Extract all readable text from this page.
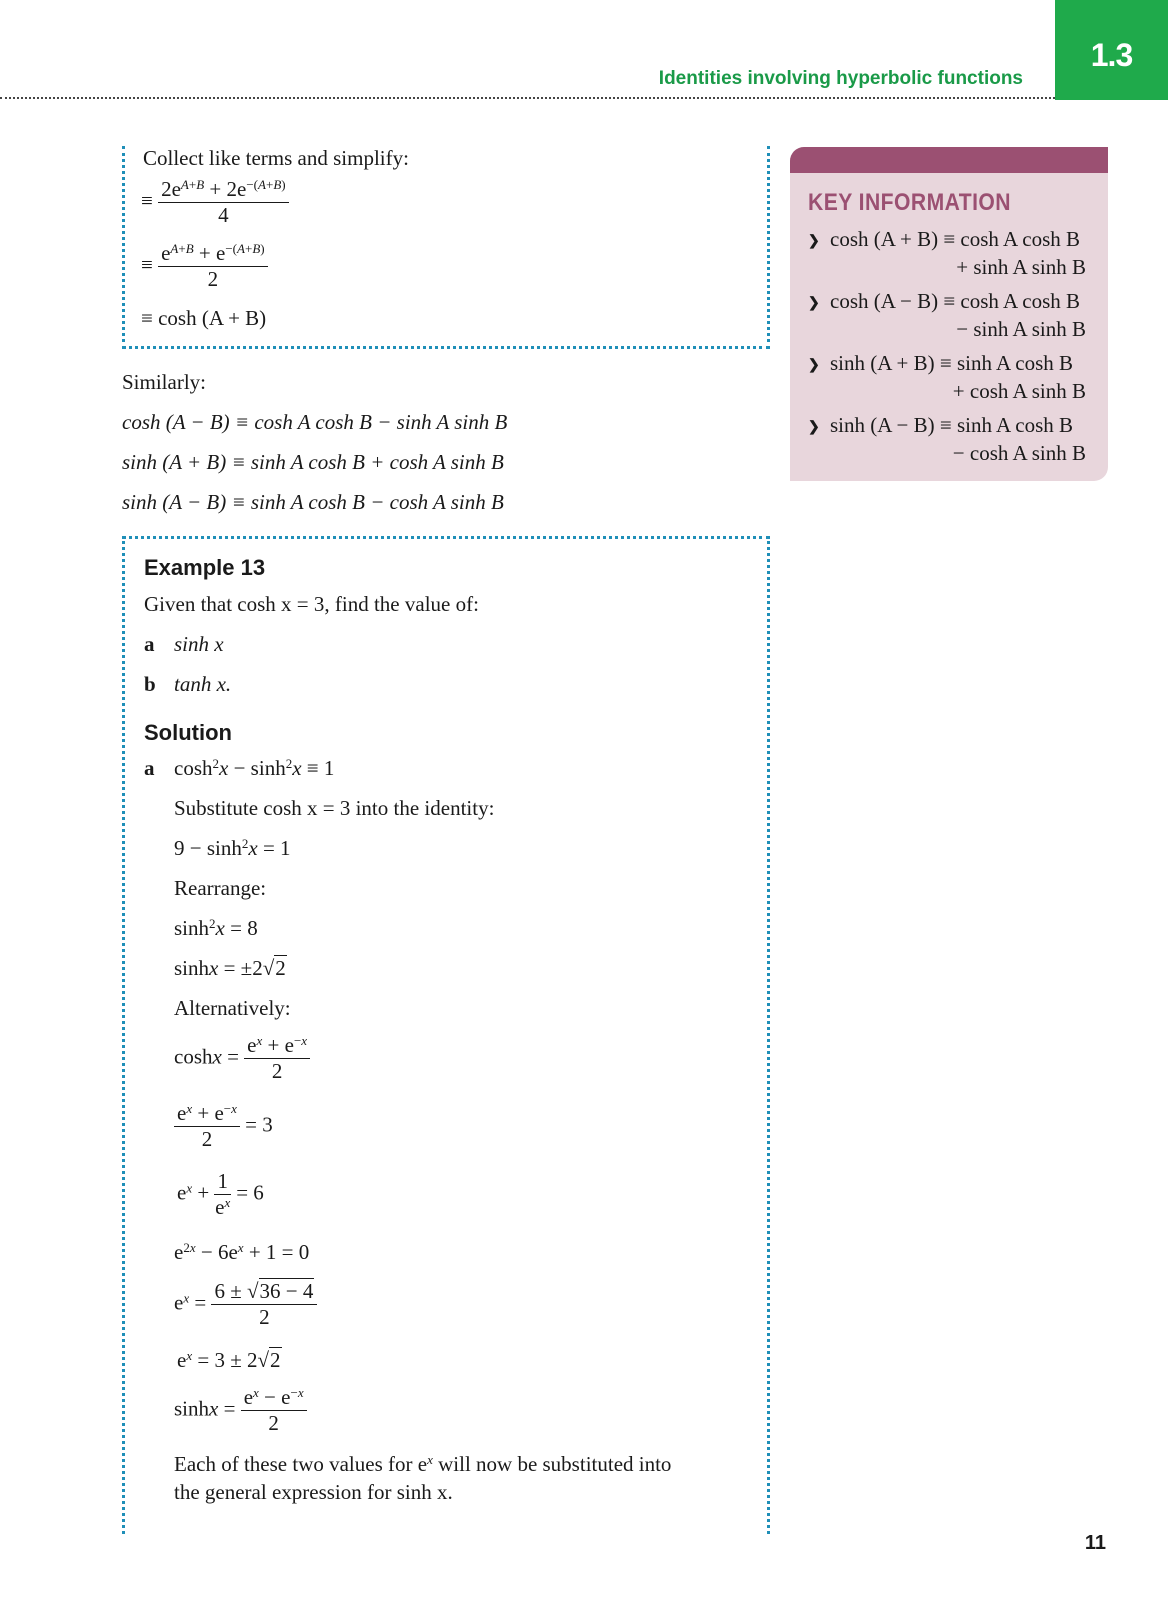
1.3
Identities involving hyperbolic functions
Collect like terms and simplify:
≡ $\frac{2e^{A+B} + 2e^{-(A+B)}}{4}$
≡ $\frac{e^{A+B} + e^{-(A+B)}}{2}$
≡ cosh (A + B)
Similarly:
cosh (A − B) ≡ cosh A cosh B − sinh A sinh B
sinh (A + B) ≡ sinh A cosh B + cosh A sinh B
sinh (A − B) ≡ sinh A cosh B − cosh A sinh B
KEY INFORMATION
❯ cosh (A + B) ≡ cosh A cosh B
+ sinh A sinh B
❯ cosh (A − B) ≡ cosh A cosh B
− sinh A sinh B
❯ sinh (A + B) ≡ sinh A cosh B
+ cosh A sinh B
❯ sinh (A − B) ≡ sinh A cosh B
− cosh A sinh B
Example 13
Given that cosh x = 3, find the value of:
a sinh x
b tanh x.
Solution
a $\cosh^2x - \sinh^2x \equiv 1$
Substitute cosh x = 3 into the identity:
$9 - \sinh^2x = 1$
Rearrange:
$\sinh^2x = 8$
sinhx = ±2√2
Alternatively:
$\cosh x = \frac{e^x + e^{-x}}{2}$
$\frac{e^x + e^{-x}}{2} = 3$
$e^x + \frac{1}{e^x} = 6$
$e^{2x} - 6e^x + 1 = 0$
$e^x = \frac{6 \pm √36 - 4}{2}$
$e^x = 3 \pm 2√2$
$\sinh x = \frac{e^x - e^{-x}}{2}$
Each of these two values for $e^x$ will now be substituted into
the general expression for sinh x.
11
